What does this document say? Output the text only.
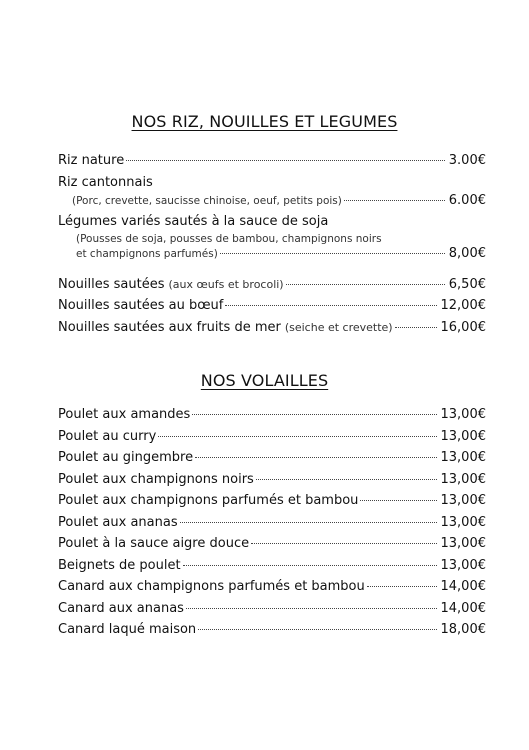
NOS RIZ, NOUILLES ET LEGUMES
Riz nature	3.00€
Riz cantonnais
(Porc, crevette, saucisse chinoise, oeuf, petits pois)	6.00€
Légumes variés sautés à la sauce de soja
(Pousses de soja, pousses de bambou, champignons noirs
et champignons parfumés)	8,00€
Nouilles sautées (aux œufs et brocoli)	6,50€
Nouilles sautées au bœuf	12,00€
Nouilles sautées aux fruits de mer (seiche et crevette)	16,00€
NOS VOLAILLES
Poulet aux amandes	13,00€
Poulet au curry	13,00€
Poulet au gingembre	13,00€
Poulet aux champignons noirs	13,00€
Poulet aux champignons parfumés et bambou	13,00€
Poulet aux ananas	13,00€
Poulet à la sauce aigre douce	13,00€
Beignets de poulet	13,00€
Canard aux champignons parfumés et bambou	14,00€
Canard aux ananas	14,00€
Canard laqué maison	18,00€
